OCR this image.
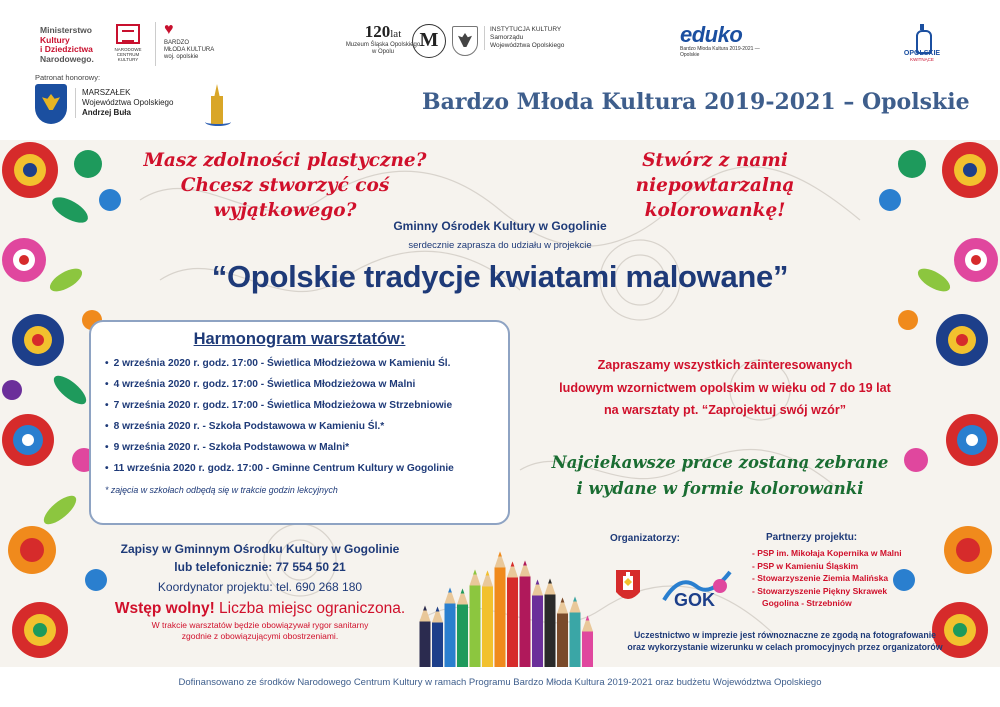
Ministerstwo
Kultury
i Dziedzictwa
Narodowego.
NARODOWE CENTRUM KULTURY
♥
BARDZO
MŁODA KULTURA
woj. opolskie
Patronat honorowy:
MARSZAŁEK
Województwa Opolskiego
Andrzej Buła
120lat
Muzeum Śląska Opolskiego
w Opolu
M	INSTYTUCJA KULTURY
Samorządu
Województwa Opolskiego	eduko
Bardzo Młoda Kultura 2019-2021 — Opolskie	OPOLSKIE
KWITNĄCE
Bardzo Młoda Kultura 2019-2021 – Opolskie
Masz zdolności plastyczne?
Chcesz stworzyć coś wyjątkowego?
Stwórz z nami niepowtarzalną
kolorowankę!
Gminny Ośrodek Kultury w Gogolinie
serdecznie zaprasza do udziału w projekcie
“Opolskie tradycje kwiatami malowane”
Harmonogram warsztatów:
• 2 września 2020 r. godz. 17:00 - Świetlica Młodzieżowa w Kamieniu Śl.
• 4 września 2020 r. godz. 17:00 - Świetlica Młodzieżowa w Malni
• 7 września 2020 r. godz. 17:00 - Świetlica Młodzieżowa w Strzebniowie
• 8 września 2020 r. - Szkoła Podstawowa w Kamieniu Śl.*
• 9 września 2020 r. - Szkoła Podstawowa w Malni*
• 11 września 2020 r. godz. 17:00 - Gminne Centrum Kultury w Gogolinie
* zajęcia w szkołach odbędą się w trakcie godzin lekcyjnych
Zapraszamy wszystkich zainteresowanych
ludowym wzornictwem opolskim w wieku od 7 do 19 lat
na warsztaty pt. “Zaprojektuj swój wzór”
Najciekawsze prace zostaną zebrane
i wydane w formie kolorowanki
Zapisy w Gminnym Ośrodku Kultury w Gogolinie
lub telefonicznie: 77 554 50 21
Koordynator projektu: tel. 690 268 180
Wstęp wolny! Liczba miejsc ograniczona.
W trakcie warsztatów będzie obowiązywał rygor sanitarny
zgodnie z obowiązującymi obostrzeniami.
Organizatorzy:
GOK
Partnerzy projektu:
- PSP im. Mikołaja Kopernika w Malni
- PSP w Kamieniu Śląskim
- Stowarzyszenie Ziemia Malińska
- Stowarzyszenie Piękny Skrawek
Gogolina - Strzebniów
Uczestnictwo w imprezie jest równoznaczne ze zgodą na fotografowanie
oraz wykorzystanie wizerunku w celach promocyjnych przez organizatorów
Dofinansowano ze środków Narodowego Centrum Kultury w ramach Programu Bardzo Młoda Kultura 2019-2021 oraz budżetu Województwa Opolskiego
